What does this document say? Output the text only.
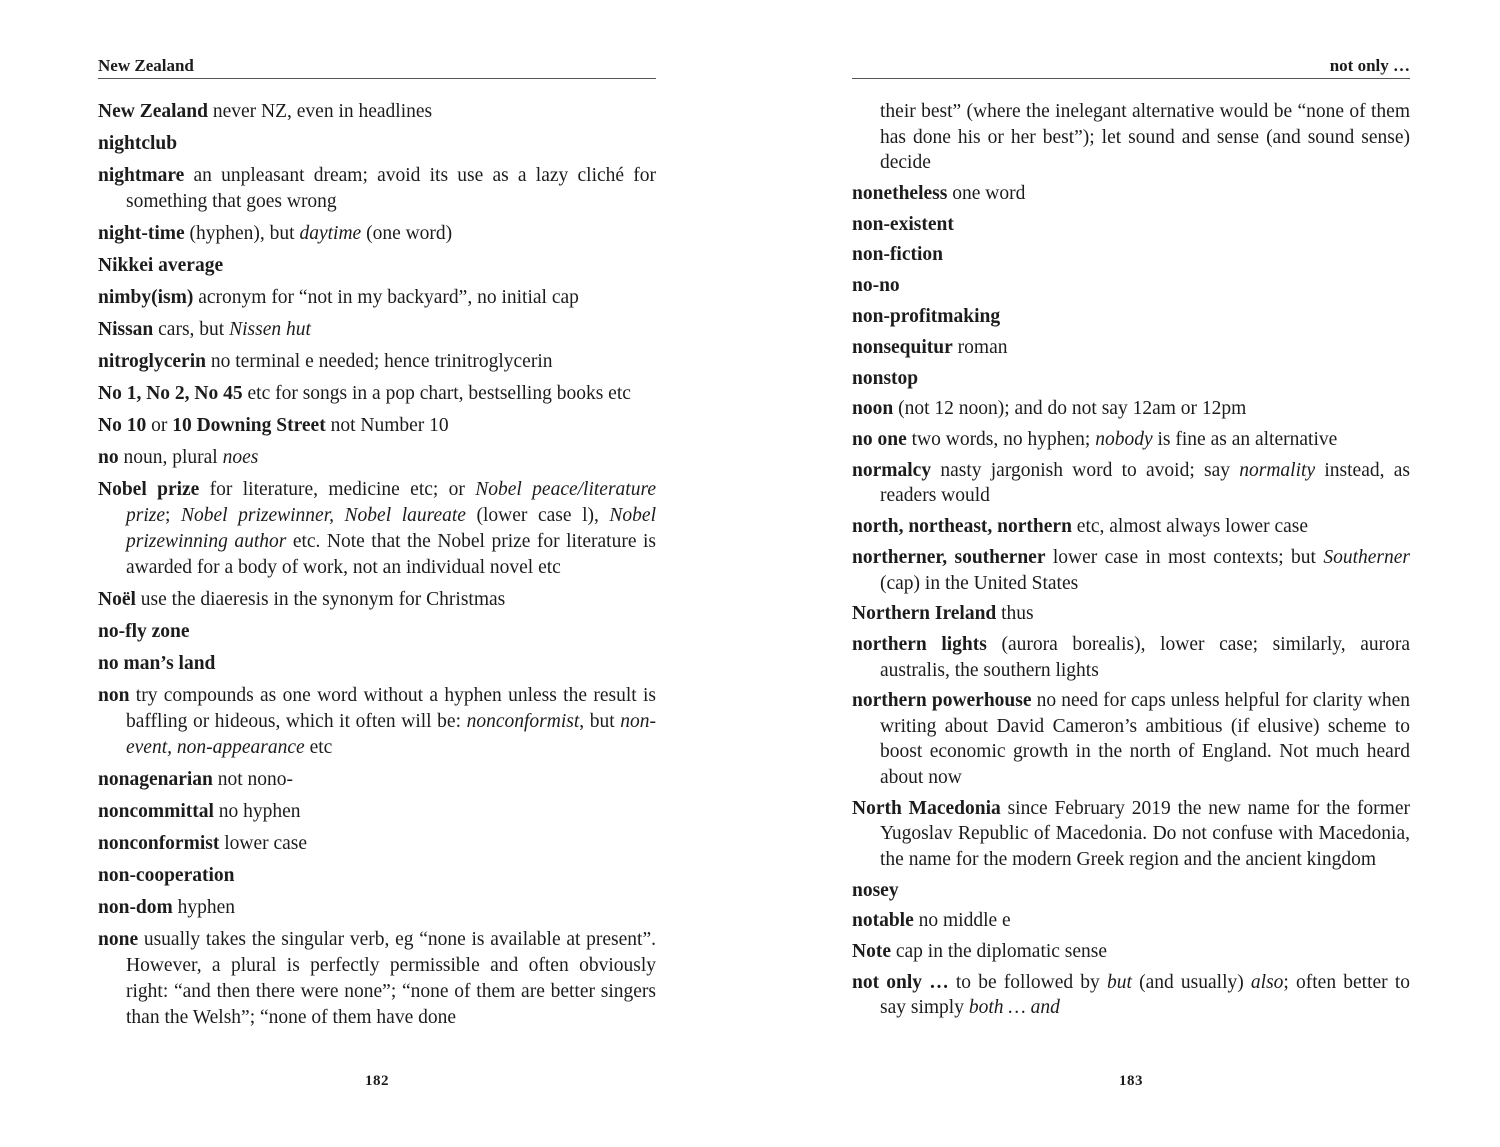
New Zealand

New Zealand never NZ, even in headlines

nightclub

nightmare an unpleasant dream; avoid its use as a lazy cliché for something that goes wrong

night-time (hyphen), but daytime (one word)

Nikkei average

nimby(ism) acronym for “not in my backyard”, no initial cap

Nissan cars, but Nissen hut

nitroglycerin no terminal e needed; hence trinitroglycerin

No 1, No 2, No 45 etc for songs in a pop chart, bestselling books etc

No 10 or 10 Downing Street not Number 10

no noun, plural noes

Nobel prize for literature, medicine etc; or Nobel peace/literature prize; Nobel prizewinner, Nobel laureate (lower case l), Nobel prizewinning author etc. Note that the Nobel prize for literature is awarded for a body of work, not an individual novel etc

Noël use the diaeresis in the synonym for Christmas

no-fly zone

no man’s land

non try compounds as one word without a hyphen unless the result is baffling or hideous, which it often will be: nonconformist, but non-event, non-appearance etc

nonagenarian not nono-

noncommittal no hyphen

nonconformist lower case

non-cooperation

non-dom hyphen

none usually takes the singular verb, eg “none is available at present”. However, a plural is perfectly permissible and often obviously right: “and then there were none”; “none of them are better singers than the Welsh”; “none of them have done

182
not only …

their best” (where the inelegant alternative would be “none of them has done his or her best”); let sound and sense (and sound sense) decide

nonetheless one word

non-existent

non-fiction

no-no

non-profitmaking

nonsequitur roman

nonstop

noon (not 12 noon); and do not say 12am or 12pm

no one two words, no hyphen; nobody is fine as an alternative

normalcy nasty jargonish word to avoid; say normality instead, as readers would

north, northeast, northern etc, almost always lower case

northerner, southerner lower case in most contexts; but Southerner (cap) in the United States

Northern Ireland thus

northern lights (aurora borealis), lower case; similarly, aurora australis, the southern lights

northern powerhouse no need for caps unless helpful for clarity when writing about David Cameron’s ambitious (if elusive) scheme to boost economic growth in the north of England. Not much heard about now

North Macedonia since February 2019 the new name for the former Yugoslav Republic of Macedonia. Do not confuse with Macedonia, the name for the modern Greek region and the ancient kingdom

nosey

notable no middle e

Note cap in the diplomatic sense

not only … to be followed by but (and usually) also; often better to say simply both … and

183
